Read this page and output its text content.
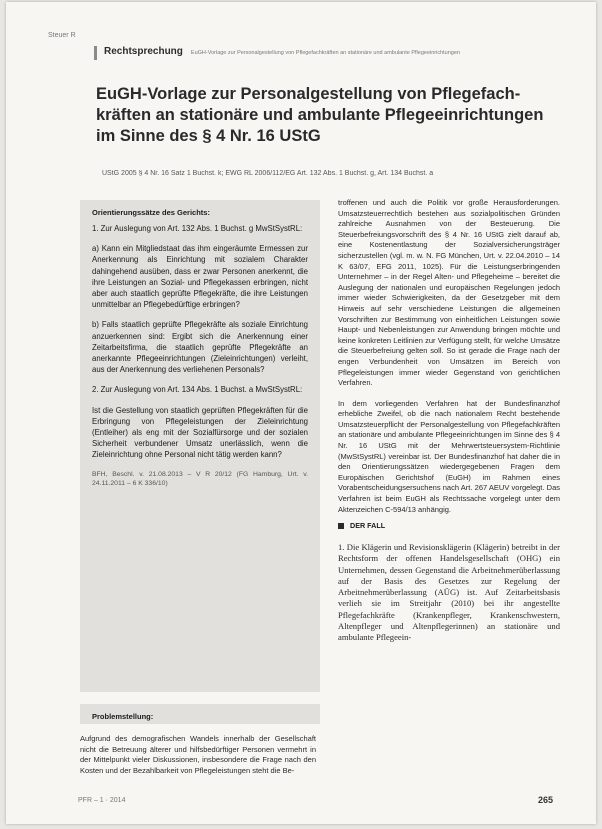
Steuer R
Rechtsprechung EuGH-Vorlage zur Personalgestellung von Pflegefachkräften an stationäre und ambulante Pflegeeinrichtungen
EuGH-Vorlage zur Personalgestellung von Pflegefachkräften an stationäre und ambulante Pflegeeinrichtungen im Sinne des § 4 Nr. 16 UStG
UStG 2005 § 4 Nr. 16 Satz 1 Buchst. k; EWG RL 2006/112/EG Art. 132 Abs. 1 Buchst. g, Art. 134 Buchst. a
Orientierungssätze des Gerichts:

1. Zur Auslegung von Art. 132 Abs. 1 Buchst. g MwStSystRL:

a) Kann ein Mitgliedstaat das ihm eingeräumte Ermessen zur Anerkennung als Einrichtung mit sozialem Charakter dahingehend ausüben, dass er zwar Personen anerkennt, die ihre Leistungen an Sozial- und Pflegekassen erbringen, nicht aber auch staatlich geprüfte Pflegekräfte, die ihre Leistungen unmittelbar an Pflegebedürftige erbringen?

b) Falls staatlich geprüfte Pflegekräfte als soziale Einrichtung anzuerkennen sind: Ergibt sich die Anerkennung einer Zeitarbeitsfirma, die staatlich geprüfte Pflegekräfte an anerkannte Pflegeeinrichtungen (Zieleinrichtungen) verleiht, aus der Anerkennung des verliehenen Personals?

2. Zur Auslegung von Art. 134 Abs. 1 Buchst. a MwStSystRL:

Ist die Gestellung von staatlich geprüften Pflegekräften für die Erbringung von Pflegeleistungen der Zieleinrichtung (Entleiher) als eng mit der Sozialfürsorge und der sozialen Sicherheit verbundener Umsatz unerlässlich, wenn die Zieleinrichtung ohne Personal nicht tätig werden kann?

BFH, Beschl. v. 21.08.2013 – V R 20/12 (FG Hamburg, Urt. v. 24.11.2011 – 6 K 336/10)

Problemstellung:
Aufgrund des demografischen Wandels innerhalb der Gesellschaft nicht die Betreuung älterer und hilfsbedürftiger Personen vermehrt in der Mittelpunkt vieler Diskussionen, insbesondere die Frage nach den Kosten und der Bezahlbarkeit von Pflegeleistungen steht die Be-

troffenen und auch die Politik vor große Herausforderungen. Umsatzsteuerrechtlich bestehen aus sozialpolitischen Gründen zahlreiche Ausnahmen von der Besteuerung. Die Steuerbefreiungsvorschrift des § 4 Nr. 16 UStG zielt darauf ab, eine Kostenentlastung der Sozialversicherungsträger sicherzustellen (vgl. m. w. N. FG München, Urt. v. 22.04.2010 – 14 K 63/07, EFG 2011, 1025). Für die Leistungserbringenden Unternehmer – in der Regel Alten- und Pflegeheime – bereitet die Auslegung der nationalen und europäischen Regelungen jedoch immer wieder Schwierigkeiten, da der Gesetzgeber mit dem Hinweis auf sehr verschiedene Leistungen die allgemeinen Vorschriften zur Bestimmung von einheitlichen Leistungen sowie Haupt- und Nebenleistungen zur Anwendung bringen möchte und keine konkreten Leitlinien zur Verfügung stellt, für welche Umsätze die Steuerbefreiung gelten soll. So ist gerade die Frage nach der engen Verbundenheit von Umsätzen im Bereich von Pflegeleistungen immer wieder Gegenstand von gerichtlichen Verfahren.

In dem vorliegenden Verfahren hat der Bundesfinanzhof erhebliche Zweifel, ob die nach nationalem Recht bestehende Umsatzsteuerpflicht der Personalgestellung von Pflegefachkräften an stationäre und ambulante Pflegeeinrichtungen im Sinne des § 4 Nr. 16 UStG mit der Mehrwertsteuersystem-Richtlinie (MwStSystRL) vereinbar ist. Der Bundesfinanzhof hat daher die in den Orientierungssätzen wiedergegebenen Fragen dem Europäischen Gerichtshof (EuGH) im Rahmen eines Vorabentscheidungsersuchens nach Art. 267 AEUV vorgelegt. Das Verfahren ist beim EuGH als Rechtssache vorgelegt unter dem Aktenzeichen C-594/13 anhängig.

DER FALL

1. Die Klägerin und Revisionsklägerin (Klägerin) betreibt in der Rechtsform der offenen Handelsgesellschaft (OHG) ein Unternehmen, dessen Gegenstand die Arbeitnehmerüberlassung auf der Basis des Gesetzes zur Regelung der Arbeitnehmerüberlassung (AÜG) ist. Auf Zeitarbeitsbasis verlieh sie im Streitjahr (2010) bei ihr angestellte Pflegefachkräfte (Krankenpfleger, Krankenschwestern, Altenpfleger und Altenpflegerinnen) an stationäre und ambulante Pflegeein-

PFR – 1 · 2014	265
